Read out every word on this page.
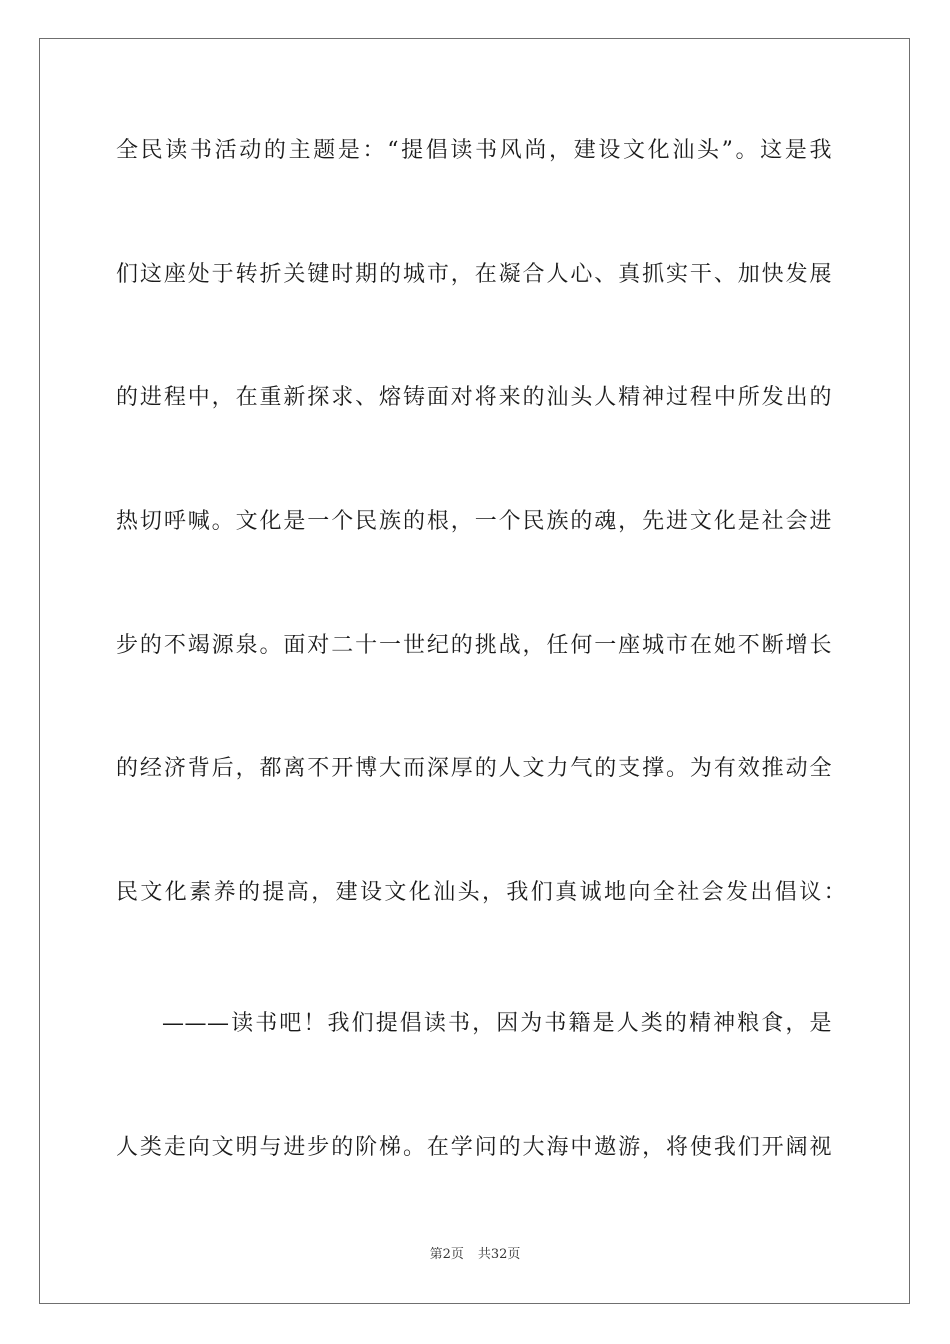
全民读书活动的主题是：“提倡读书风尚，建设文化汕头”。这是我
们这座处于转折关键时期的城市，在凝合人心、真抓实干、加快发展
的进程中，在重新探求、熔铸面对将来的汕头人精神过程中所发出的
热切呼喊。文化是一个民族的根，一个民族的魂，先进文化是社会进
步的不竭源泉。面对二十一世纪的挑战，任何一座城市在她不断增长
的经济背后，都离不开博大而深厚的人文力气的支撑。为有效推动全
民文化素养的提高，建设文化汕头，我们真诚地向全社会发出倡议：
———读书吧！我们提倡读书，因为书籍是人类的精神粮食，是
人类走向文明与进步的阶梯。在学问的大海中遨游，将使我们开阔视
第2页 共32页
